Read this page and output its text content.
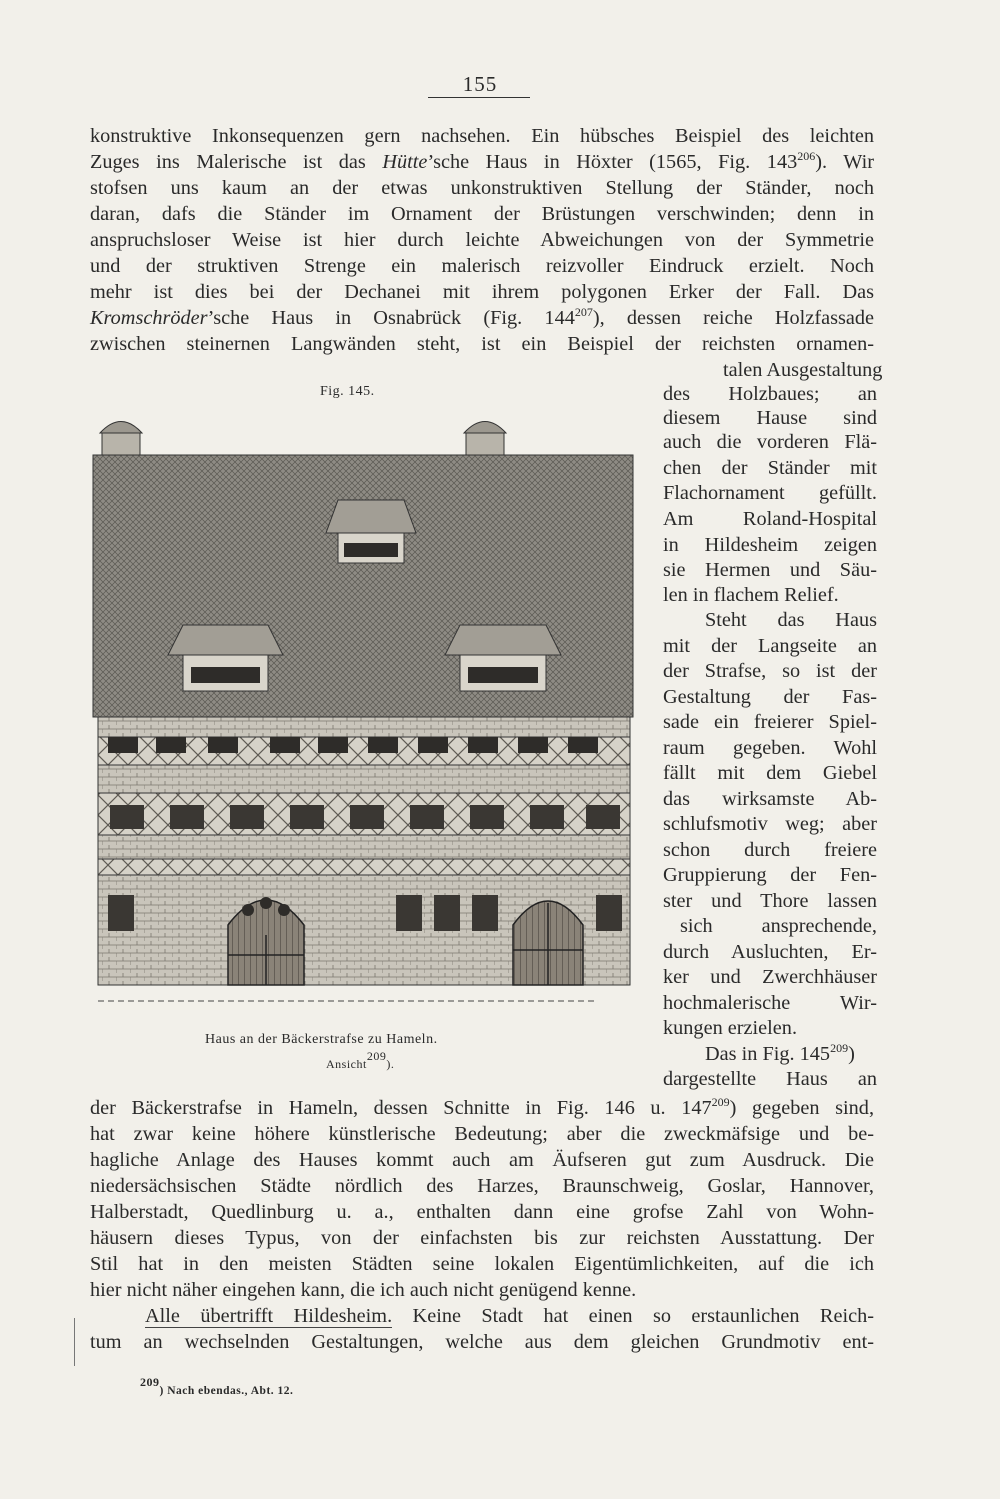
155
konstruktive Inkonsequenzen gern nachsehen. Ein hübsches Beispiel des leichten
Zuges ins Malerische ist das Hütte’sche Haus in Höxter (1565, Fig. $143^{206}$). Wir
stofsen uns kaum an der etwas unkonstruktiven Stellung der Ständer, noch
daran, dafs die Ständer im Ornament der Brüstungen verschwinden; denn in
anspruchsloser Weise ist hier durch leichte Abweichungen von der Symmetrie
und der struktiven Strenge ein malerisch reizvoller Eindruck erzielt. Noch
mehr ist dies bei der Dechanei mit ihrem polygonen Erker der Fall. Das
Kromschröder’sche Haus in Osnabrück (Fig. $144^{207}$), dessen reiche Holzfassade
zwischen steinernen Langwänden steht, ist ein Beispiel der reichsten ornamen-
talen Ausgestaltung
des Holzbaues; an
diesem Hause sind
auch die vorderen Flä-
chen der Ständer mit
Flachornament gefüllt.
Am Roland-Hospital
in Hildesheim zeigen
sie Hermen und Säu-
len in flachem Relief.
Steht das Haus
mit der Langseite an
der Strafse, so ist der
Gestaltung der Fas-
sade ein freierer Spiel-
raum gegeben. Wohl
fällt mit dem Giebel
das wirksamste Ab-
schlufsmotiv weg; aber
schon durch freiere
Gruppierung der Fen-
ster und Thore lassen
sich ansprechende,
durch Ausluchten, Er-
ker und Zwerchhäuser
hochmalerische Wir-
kungen erzielen.
Das in Fig. $145^{209}$)
dargestellte Haus an
Fig. 145.
Haus an der Bäckerstrafse zu Hameln.
Ansicht$^{209}$).
der Bäckerstrafse in Hameln, dessen Schnitte in Fig. 146 u. $147^{209}$) gegeben sind,
hat zwar keine höhere künstlerische Bedeutung; aber die zweckmäfsige und be-
hagliche Anlage des Hauses kommt auch am Äufseren gut zum Ausdruck. Die
niedersächsischen Städte nördlich des Harzes, Braunschweig, Goslar, Hannover,
Halberstadt, Quedlinburg u. a., enthalten dann eine grofse Zahl von Wohn-
häusern dieses Typus, von der einfachsten bis zur reichsten Ausstattung. Der
Stil hat in den meisten Städten seine lokalen Eigentümlichkeiten, auf die ich
hier nicht näher eingehen kann, die ich auch nicht genügend kenne.
Alle übertrifft Hildesheim. Keine Stadt hat einen so erstaunlichen Reich-
tum an wechselnden Gestaltungen, welche aus dem gleichen Grundmotiv ent-
$^{209}$) Nach ebendas., Abt. 12.
